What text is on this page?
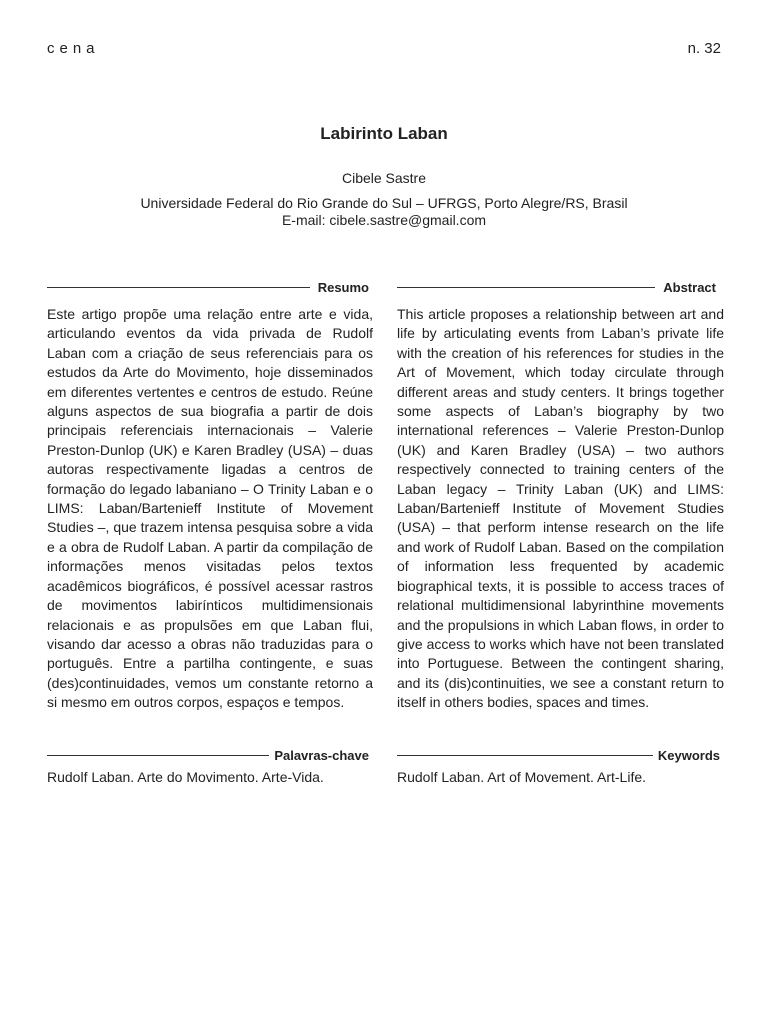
cena	n. 32
Labirinto Laban
Cibele Sastre
Universidade Federal do Rio Grande do Sul – UFRGS, Porto Alegre/RS, Brasil
E-mail: cibele.sastre@gmail.com
Resumo	Abstract

Este artigo propõe uma relação entre arte e vida, articulando eventos da vida privada de Rudolf Laban com a criação de seus referenciais para os estudos da Arte do Movimento, hoje disseminados em diferentes vertentes e centros de estudo. Reúne alguns aspectos de sua biografia a partir de dois principais referenciais internacionais – Valerie Preston-Dunlop (UK) e Karen Bradley (USA) – duas autoras respectivamente ligadas a centros de formação do legado labaniano – O Trinity Laban e o LIMS: Laban/Bartenieff Institute of Movement Studies –, que trazem intensa pesquisa sobre a vida e a obra de Rudolf Laban. A partir da compilação de informações menos visitadas pelos textos acadêmicos biográficos, é possível acessar rastros de movimentos labirínticos multidimensionais relacionais e as propulsões em que Laban flui, visando dar acesso a obras não traduzidas para o português. Entre a partilha contingente, e suas (des)continuidades, vemos um constante retorno a si mesmo em outros corpos, espaços e tempos.

This article proposes a relationship between art and life by articulating events from Laban’s private life with the creation of his references for studies in the Art of Movement, which today circulate through different areas and study centers. It brings together some aspects of Laban’s biography by two international references – Valerie Preston-Dunlop (UK) and Karen Bradley (USA) – two authors respectively connected to training centers of the Laban legacy – Trinity Laban (UK) and LIMS: Laban/Bartenieff Institute of Movement Studies (USA) – that perform intense research on the life and work of Rudolf Laban. Based on the compilation of information less frequented by academic biographical texts, it is possible to access traces of relational multidimensional labyrinthine movements and the propulsions in which Laban flows, in order to give access to works which have not been translated into Portuguese. Between the contingent sharing, and its (dis)continuities, we see a constant return to itself in others bodies, spaces and times.

Palavras-chave	Keywords

Rudolf Laban. Arte do Movimento. Arte-Vida.	Rudolf Laban. Art of Movement. Art-Life.
